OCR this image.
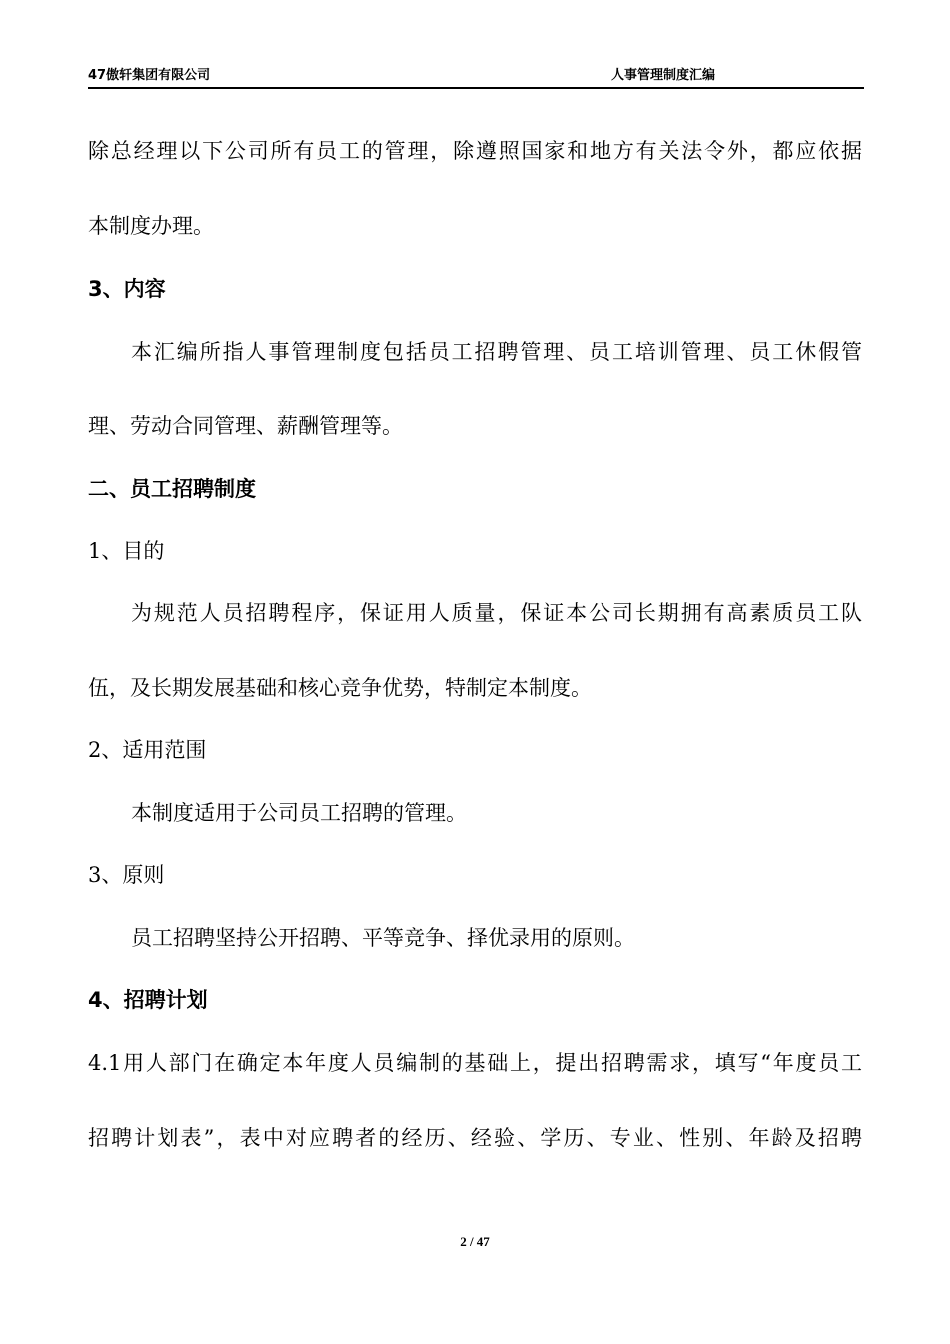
47傲轩集团有限公司	人事管理制度汇编
除总经理以下公司所有员工的管理，除遵照国家和地方有关法令外，都应依据
本制度办理。
3、内容
本汇编所指人事管理制度包括员工招聘管理、员工培训管理、员工休假管
理、劳动合同管理、薪酬管理等。
二、员工招聘制度
1、目的
为规范人员招聘程序，保证用人质量，保证本公司长期拥有高素质员工队
伍，及长期发展基础和核心竞争优势，特制定本制度。
2、适用范围
本制度适用于公司员工招聘的管理。
3、原则
员工招聘坚持公开招聘、平等竞争、择优录用的原则。
4、招聘计划
4.1用人部门在确定本年度人员编制的基础上，提出招聘需求，填写“年度员工
招聘计划表”，表中对应聘者的经历、经验、学历、专业、性别、年龄及招聘
2 / 47
